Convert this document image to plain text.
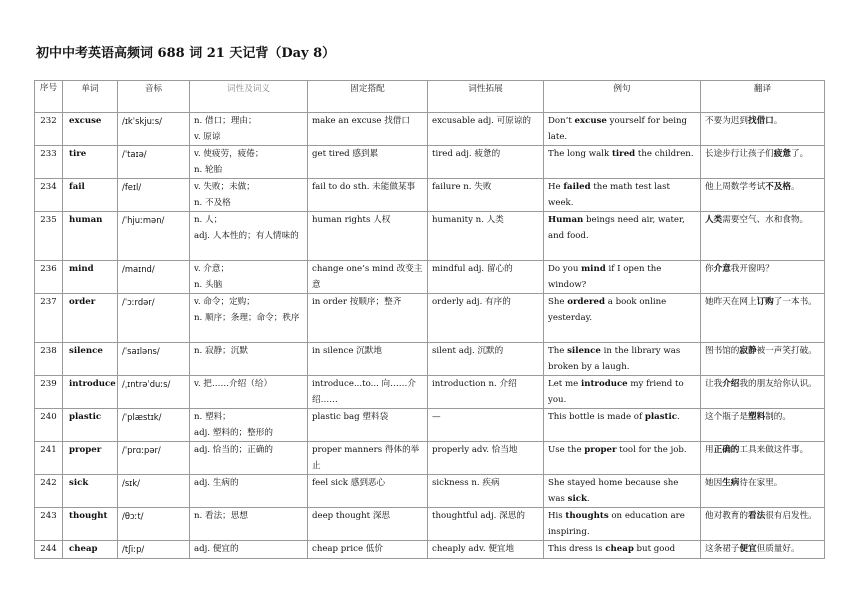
初中中考英语高频词 688 词 21 天记背（Day 8）
序号	单词	音标	词性及词义	固定搭配	词性拓展	例句	翻译
232	excuse	/ɪkˈskjuːs/	n. 借口；理由；
v. 原谅	make an excuse 找借口	excusable adj. 可原谅的	Don’t excuse yourself for being late.	不要为迟到找借口。
233	tire	/ˈtaɪə/	v. 使疲劳，疲倦；
n. 轮胎	get tired 感到累	tired adj. 疲惫的	The long walk tired the children.	长途步行让孩子们疲惫了。
234	fail	/feɪl/	v. 失败；未做；
n. 不及格	fail to do sth. 未能做某事	failure n. 失败	He failed the math test last week.	他上周数学考试不及格。
235	human	/ˈhjuːmən/	n. 人；
adj. 人本性的；有人情味的	human rights 人权	humanity n. 人类	Human beings need air, water, and food.	人类需要空气、水和食物。
236	mind	/maɪnd/	v. 介意；
n. 头脑	change one’s mind 改变主意	mindful adj. 留心的	Do you mind if I open the window?	你介意我开窗吗？
237	order	/ˈɔːrdər/	v. 命令；定购；
n. 顺序；条理；命令；秩序	in order 按顺序；整齐	orderly adj. 有序的	She ordered a book online yesterday.	她昨天在网上订购了一本书。
238	silence	/ˈsaɪləns/	n. 寂静；沉默	in silence 沉默地	silent adj. 沉默的	The silence in the library was broken by a laugh.	图书馆的寂静被一声笑打破。
239	introduce	/ˌɪntrəˈduːs/	v. 把……介绍（给）	introduce...to... 向……介绍……	introduction n. 介绍	Let me introduce my friend to you.	让我介绍我的朋友给你认识。
240	plastic	/ˈplæstɪk/	n. 塑料；
adj. 塑料的；整形的	plastic bag 塑料袋	—	This bottle is made of plastic.	这个瓶子是塑料制的。
241	proper	/ˈprɑːpər/	adj. 恰当的；正确的	proper manners 得体的举止	properly adv. 恰当地	Use the proper tool for the job.	用正确的工具来做这件事。
242	sick	/sɪk/	adj. 生病的	feel sick 感到恶心	sickness n. 疾病	She stayed home because she was sick.	她因生病待在家里。
243	thought	/θɔːt/	n. 看法；思想	deep thought 深思	thoughtful adj. 深思的	His thoughts on education are inspiring.	他对教育的看法很有启发性。
244	cheap	/tʃiːp/	adj. 便宜的	cheap price 低价	cheaply adv. 便宜地	This dress is cheap but good	这条裙子便宜但质量好。
